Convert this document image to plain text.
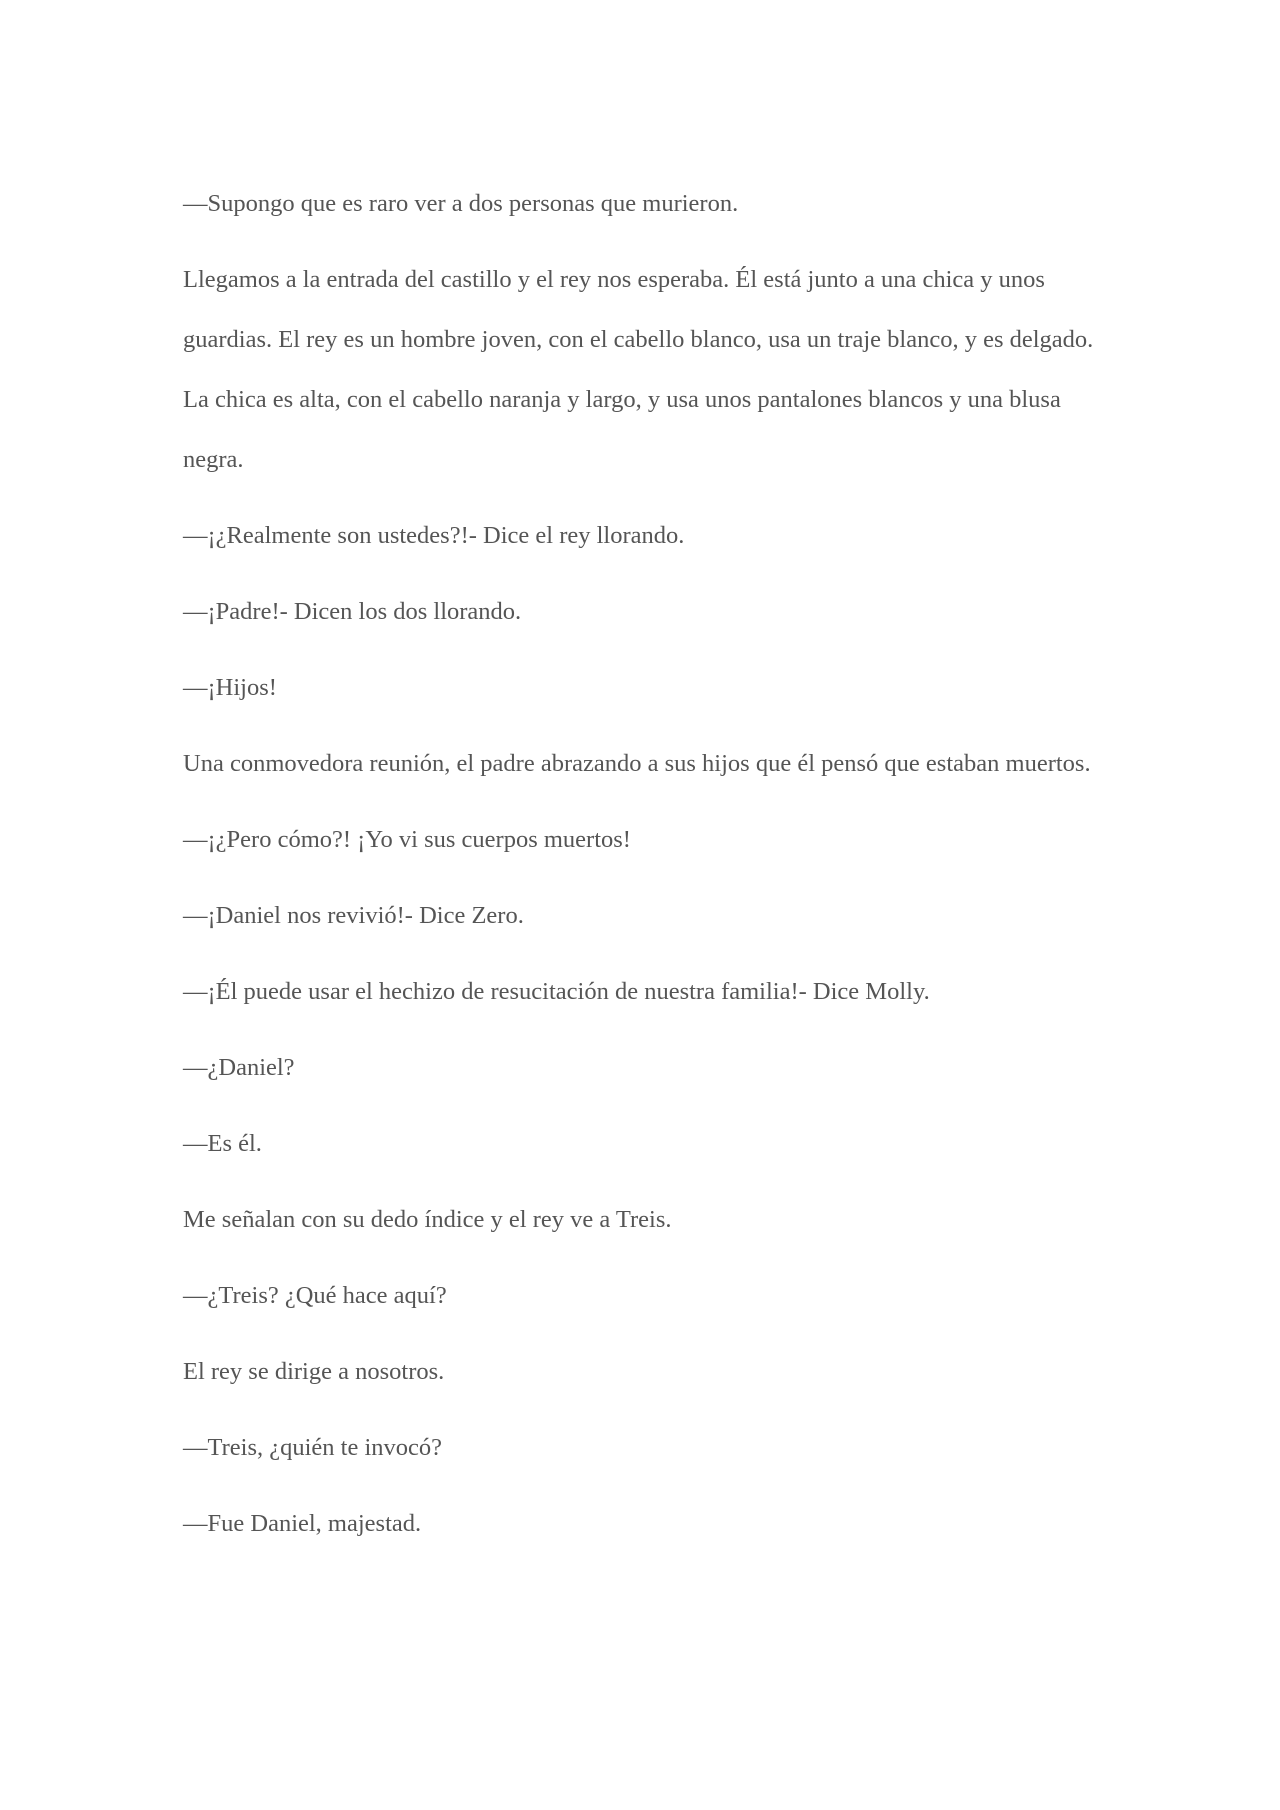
—Supongo que es raro ver a dos personas que murieron.

Llegamos a la entrada del castillo y el rey nos esperaba. Él está junto a una chica y unos guardias. El rey es un hombre joven, con el cabello blanco, usa un traje blanco, y es delgado. La chica es alta, con el cabello naranja y largo, y usa unos pantalones blancos y una blusa negra.

—¡¿Realmente son ustedes?!- Dice el rey llorando.

—¡Padre!- Dicen los dos llorando.

—¡Hijos!

Una conmovedora reunión, el padre abrazando a sus hijos que él pensó que estaban muertos.

—¡¿Pero cómo?! ¡Yo vi sus cuerpos muertos!

—¡Daniel nos revivió!- Dice Zero.

—¡Él puede usar el hechizo de resucitación de nuestra familia!- Dice Molly.

—¿Daniel?

—Es él.

Me señalan con su dedo índice y el rey ve a Treis.

—¿Treis? ¿Qué hace aquí?

El rey se dirige a nosotros.

—Treis, ¿quién te invocó?

—Fue Daniel, majestad.
